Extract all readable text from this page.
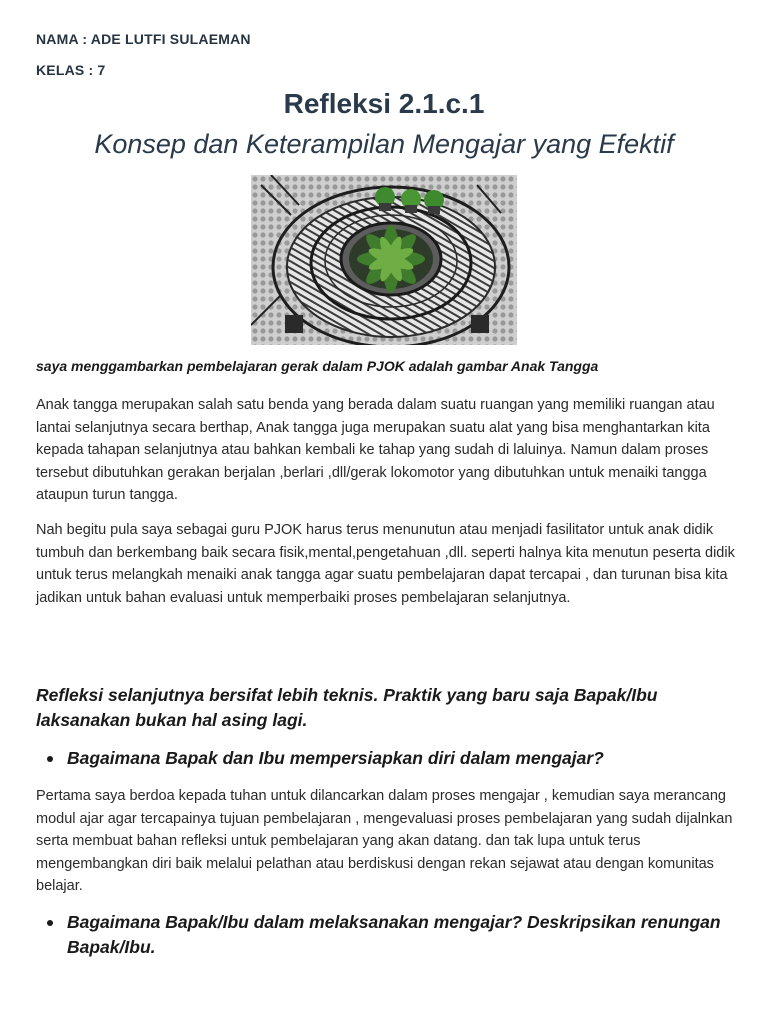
NAMA : ADE LUTFI SULAEMAN
KELAS : 7
Refleksi 2.1.c.1
Konsep dan Keterampilan Mengajar yang Efektif
saya menggambarkan pembelajaran gerak dalam PJOK adalah gambar Anak Tangga

Anak tangga merupakan salah satu benda yang berada dalam suatu ruangan yang memiliki ruangan atau lantai selanjutnya secara berthap, Anak tangga juga merupakan suatu alat yang bisa menghantarkan kita kepada tahapan selanjutnya atau bahkan kembali ke tahap yang sudah di laluinya. Namun dalam proses tersebut dibutuhkan gerakan berjalan ,berlari ,dll/gerak lokomotor yang dibutuhkan untuk menaiki tangga ataupun turun tangga.

Nah begitu pula saya sebagai guru PJOK harus terus menunutun atau menjadi fasilitator untuk anak didik tumbuh dan berkembang baik secara fisik,mental,pengetahuan ,dll. seperti halnya kita menutun peserta didik untuk terus melangkah menaiki anak tangga agar suatu pembelajaran dapat tercapai , dan turunan bisa kita jadikan untuk bahan evaluasi untuk memperbaiki proses pembelajaran selanjutnya.

Refleksi selanjutnya bersifat lebih teknis. Praktik yang baru saja Bapak/Ibu laksanakan bukan hal asing lagi.
Bagaimana Bapak dan Ibu mempersiapkan diri dalam mengajar?

Pertama saya berdoa kepada tuhan untuk dilancarkan dalam proses mengajar , kemudian saya merancang modul ajar agar tercapainya tujuan pembelajaran , mengevaluasi proses pembelajaran yang sudah dijalnkan serta membuat bahan refleksi untuk pembelajaran yang akan datang. dan tak lupa untuk terus mengembangkan diri baik melalui pelathan atau berdiskusi dengan rekan sejawat atau dengan komunitas belajar.

Bagaimana Bapak/Ibu dalam melaksanakan mengajar? Deskripsikan renungan Bapak/Ibu.
